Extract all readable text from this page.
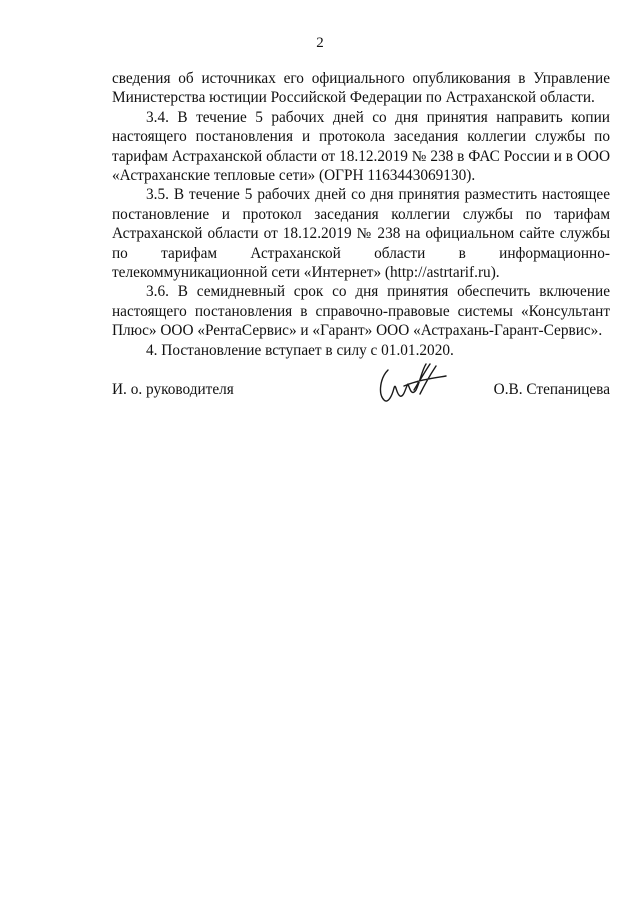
2

сведения об источниках его официального опубликования в Управление Министерства юстиции Российской Федерации по Астраханской области.

3.4. В течение 5 рабочих дней со дня принятия направить копии настоящего постановления и протокола заседания коллегии службы по тарифам Астраханской области от 18.12.2019 № 238 в ФАС России и в ООО «Астраханские тепловые сети» (ОГРН 1163443069130).

3.5. В течение 5 рабочих дней со дня принятия разместить настоящее постановление и протокол заседания коллегии службы по тарифам Астраханской области от 18.12.2019 № 238 на официальном сайте службы по тарифам Астраханской области в информационно-телекоммуникационной сети «Интернет» (http://astrtarif.ru).

3.6. В семидневный срок со дня принятия обеспечить включение настоящего постановления в справочно-правовые системы «Консультант Плюс» ООО «РентаСервис» и «Гарант» ООО «Астрахань-Гарант-Сервис».

4. Постановление вступает в силу с 01.01.2020.

И. о. руководителя	О.В. Степаницева
